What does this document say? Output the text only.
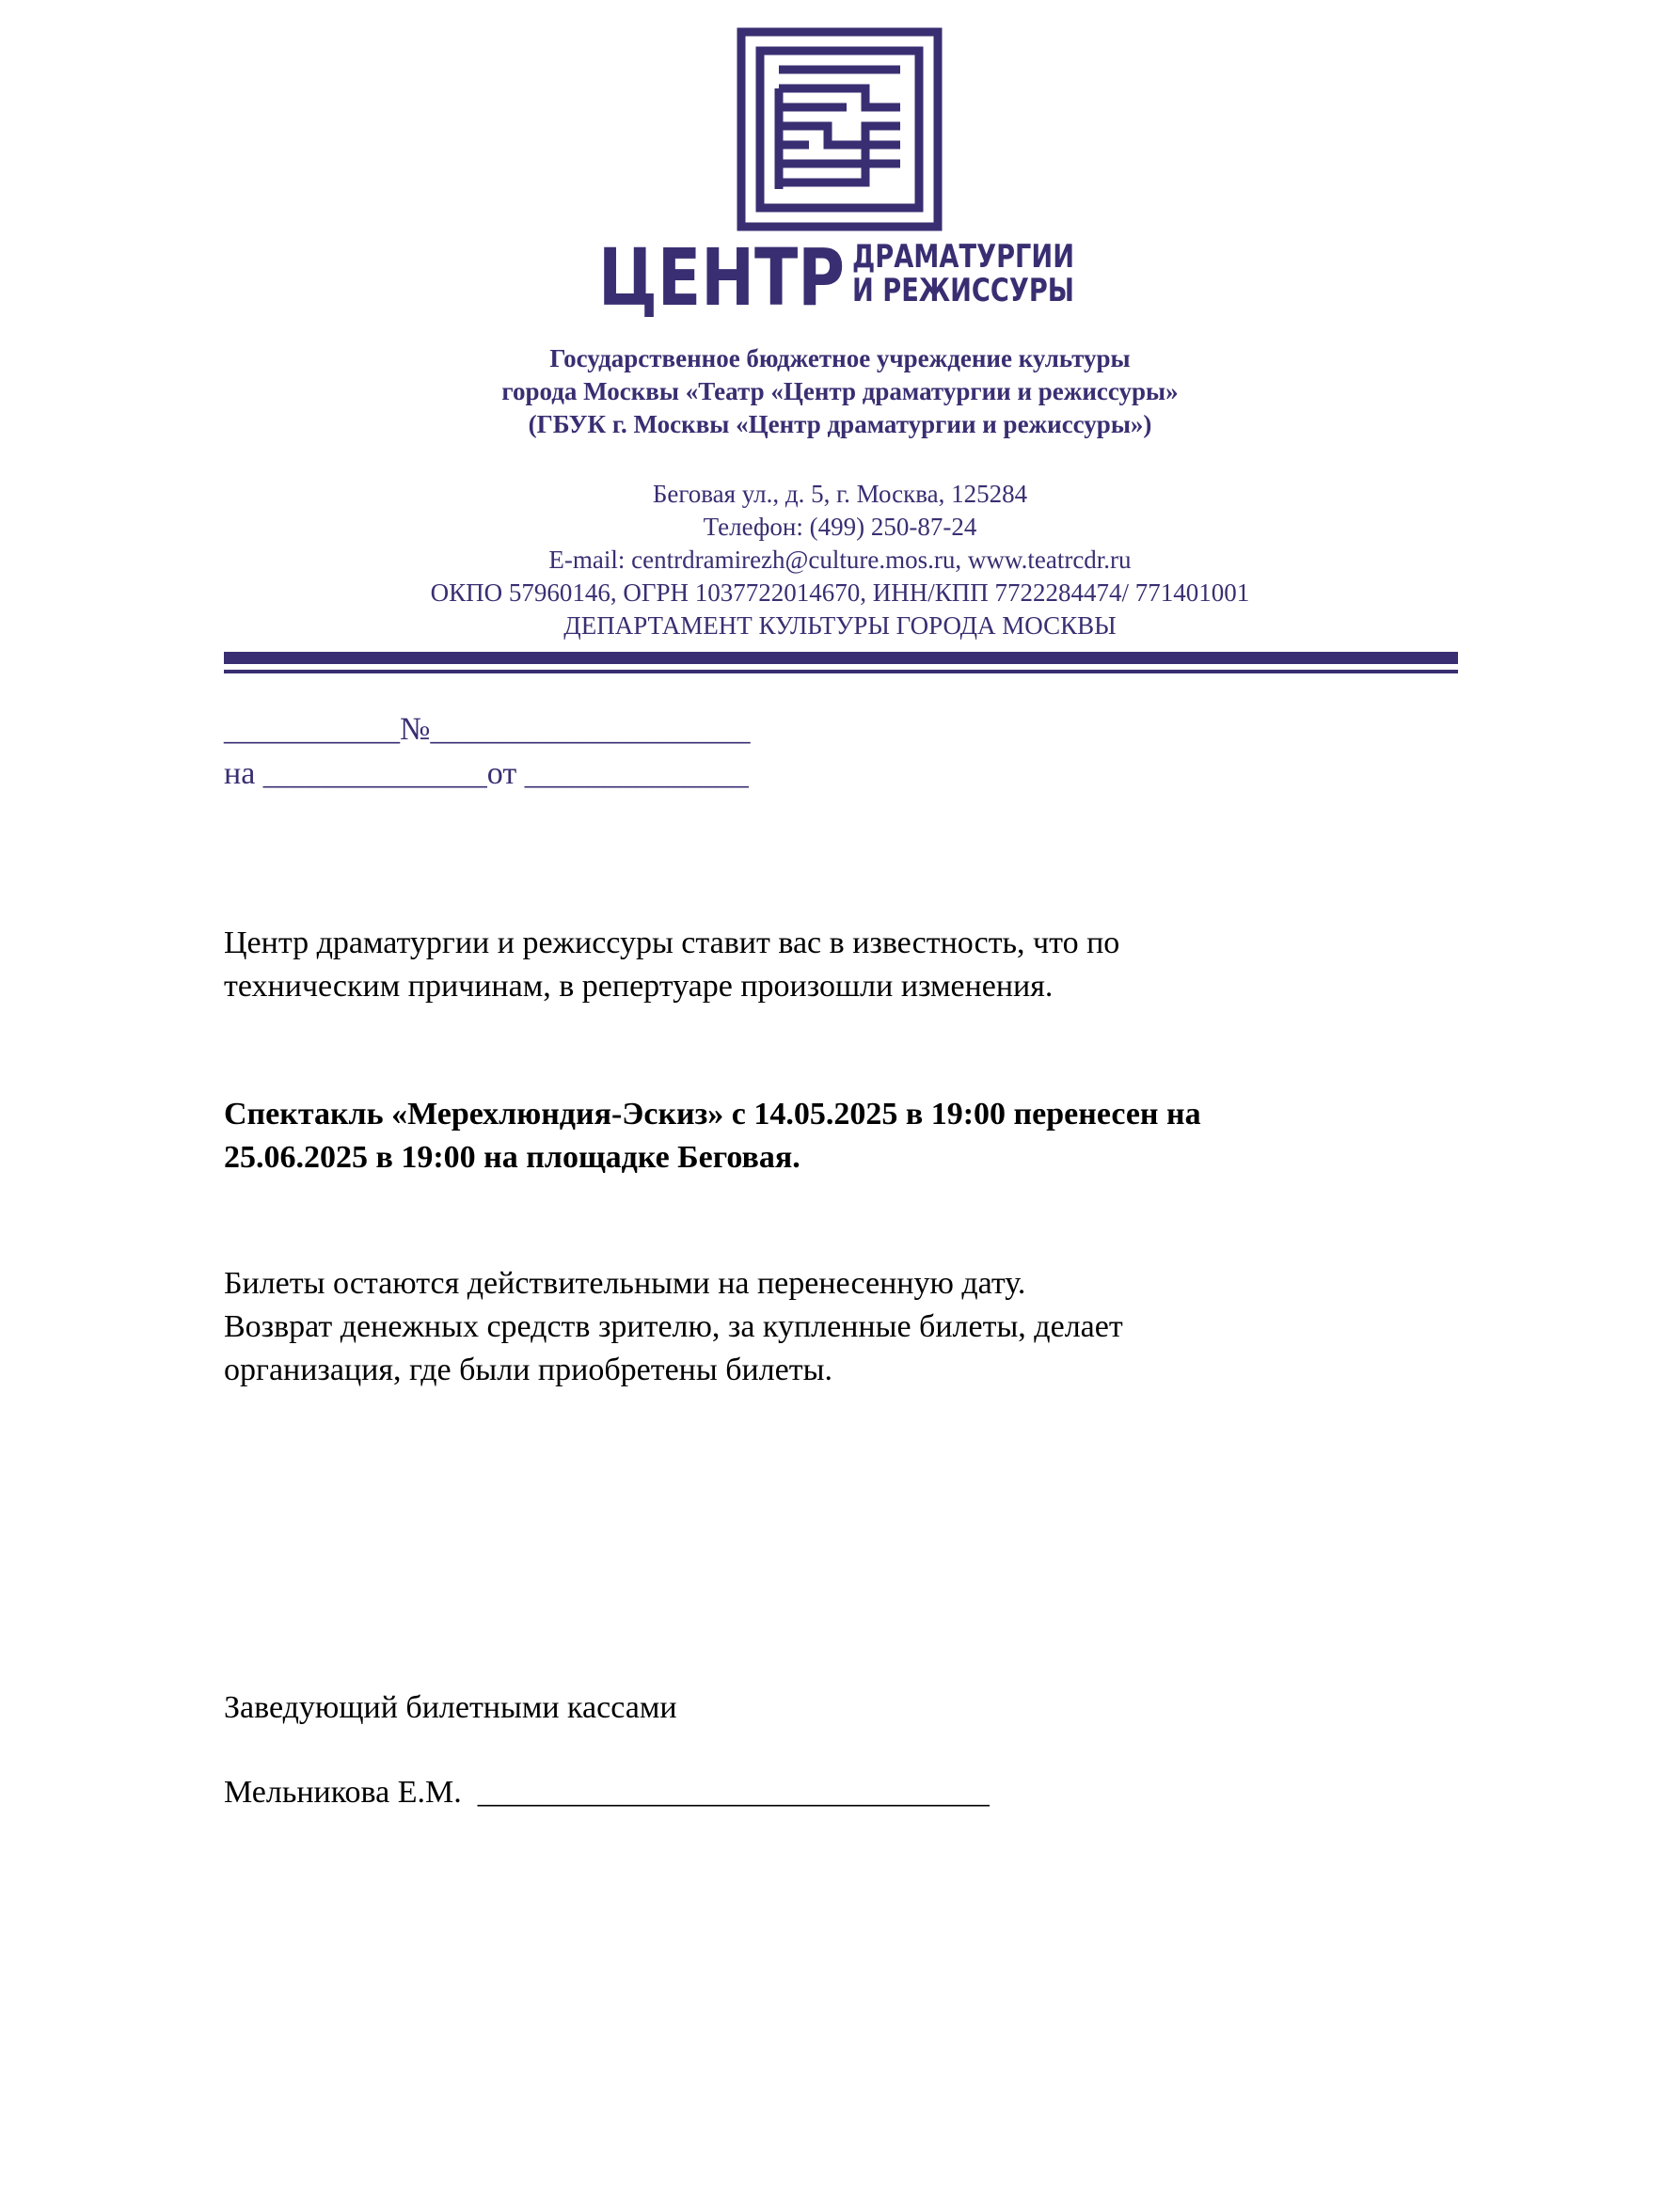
ЦЕНТР ДРАМАТУРГИИ
И РЕЖИССУРЫ
Государственное бюджетное учреждение культуры
города Москвы «Театр «Центр драматургии и режиссуры»
(ГБУК г. Москвы «Центр драматургии и режиссуры»)
Беговая ул., д. 5, г. Москва, 125284
Телефон: (499) 250-87-24
E-mail: centrdramirezh@culture.mos.ru, www.teatrcdr.ru
ОКПО 57960146, ОГРН 1037722014670, ИНН/КПП 7722284474/ 771401001
ДЕПАРТАМЕНТ КУЛЬТУРЫ ГОРОДА МОСКВЫ
___________№____________________
на ______________от ______________
Центр драматургии и режиссуры ставит вас в известность, что по
техническим причинам, в репертуаре произошли изменения.
Спектакль «Мерехлюндия-Эскиз» с 14.05.2025 в 19:00 перенесен на
25.06.2025 в 19:00 на площадке Беговая.
Билеты остаются действительными на перенесенную дату.
Возврат денежных средств зрителю, за купленные билеты, делает
организация, где были приобретены билеты.
Заведующий билетными кассами
Мельникова Е.М.  ________________________________
